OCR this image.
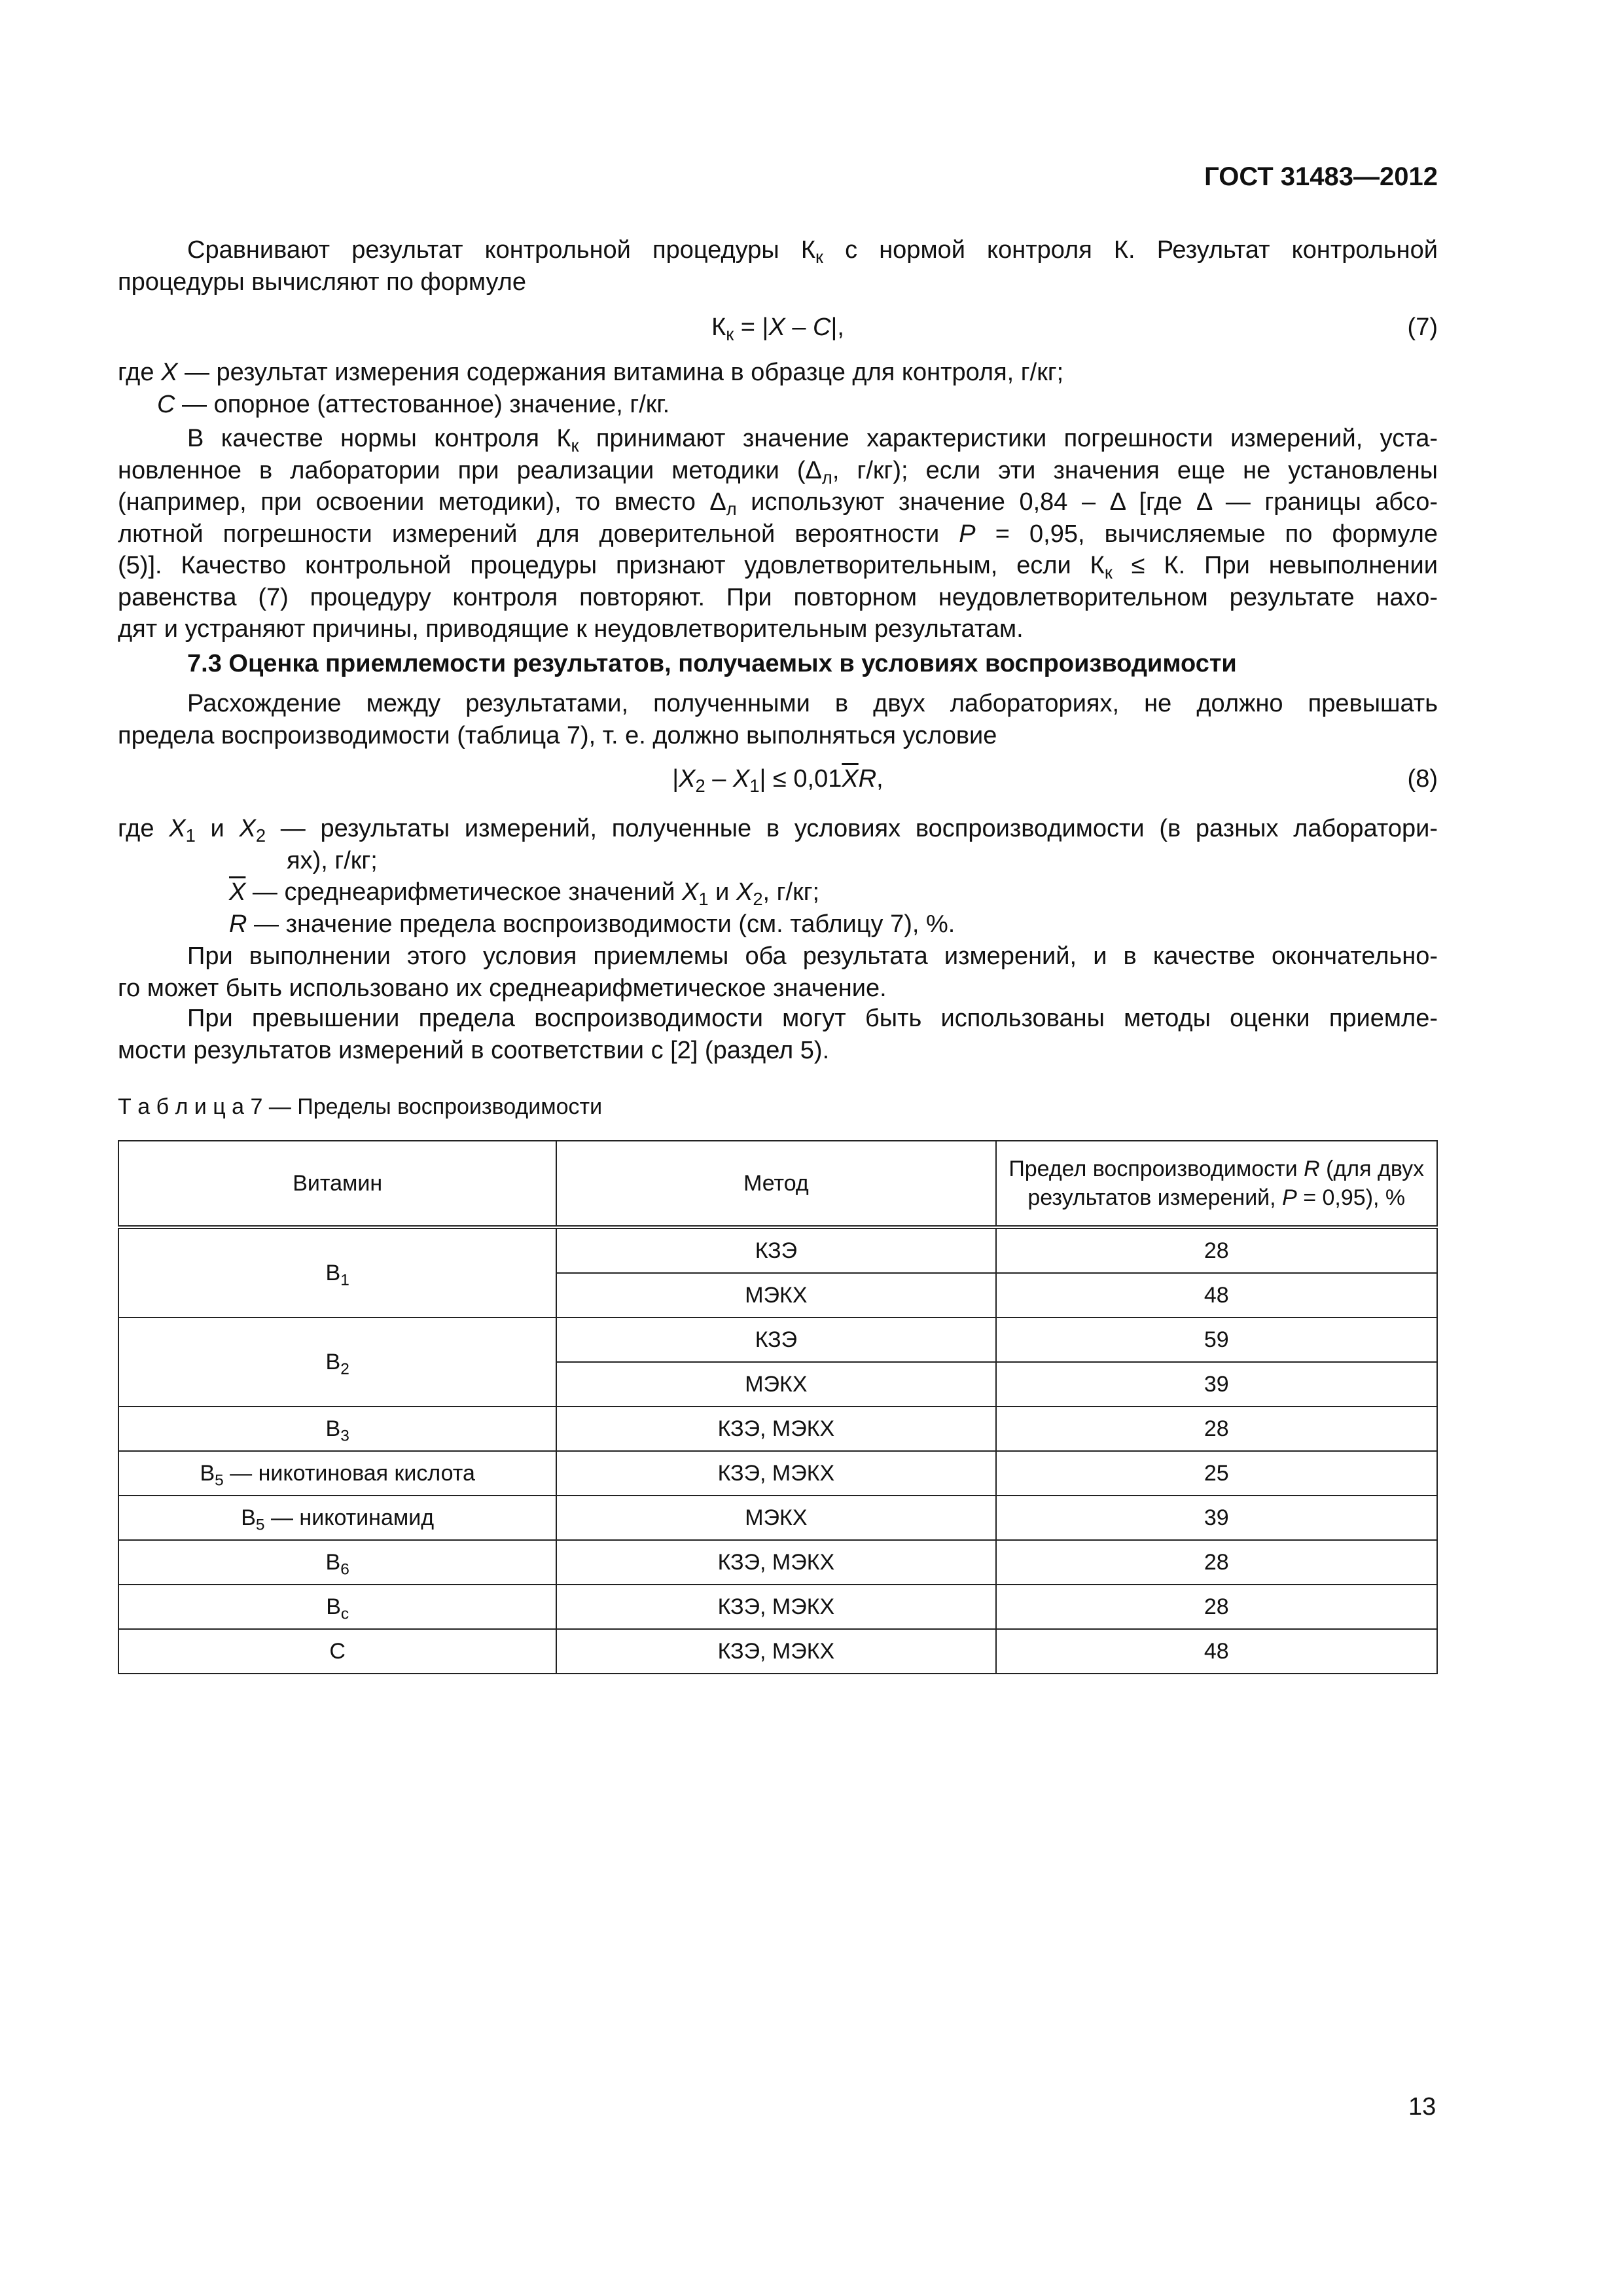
ГОСТ 31483—2012
Сравнивают результат контрольной процедуры $К_к$ с нормой контроля К. Результат контрольной
процедуры вычисляют по формуле
$К_к = |X - C|$,	(7)
где X — результат измерения содержания витамина в образце для контроля, г/кг;
C — опорное (аттестованное) значение, г/кг.
В качестве нормы контроля $К_к$ принимают значение характеристики погрешности измерений, уста-
новленное в лаборатории при реализации методики ($\Delta_л$, г/кг); если эти значения еще не установлены
(например, при освоении методики), то вместо $\Delta_л$ используют значение 0,84 – Δ [где Δ — границы абсо-
лютной погрешности измерений для доверительной вероятности P = 0,95, вычисляемые по формуле
(5)]. Качество контрольной процедуры признают удовлетворительным, если $К_к \le К$. При невыполнении
равенства (7) процедуру контроля повторяют. При повторном неудовлетворительном результате нахо-
дят и устраняют причины, приводящие к неудовлетворительным результатам.
7.3 Оценка приемлемости результатов, получаемых в условиях воспроизводимости
Расхождение между результатами, полученными в двух лабораториях, не должно превышать
предела воспроизводимости (таблица 7), т. е. должно выполняться условие
$|X_2 - X_1| \le 0,01\overline{X}R$,	(8)
где $X_1$ и $X_2$ — результаты измерений, полученные в условиях воспроизводимости (в разных лаборатори-
ях), г/кг;
$\overline{X}$ — среднеарифметическое значений $X_1$ и $X_2$, г/кг;
R — значение предела воспроизводимости (см. таблицу 7), %.
При выполнении этого условия приемлемы оба результата измерений, и в качестве окончательно-
го может быть использовано их среднеарифметическое значение.
При превышении предела воспроизводимости могут быть использованы методы оценки приемле-
мости результатов измерений в соответствии с [2] (раздел 5).
Т а б л и ц а 7 — Пределы воспроизводимости
Витамин	Метод	Предел воспроизводимости R (для двух
результатов измерений, P = 0,95), %

$B_1$	КЗЭ	28
	МЭКХ	48
$B_2$	КЗЭ	59
	МЭКХ	39
$B_3$	КЗЭ, МЭКХ	28
$B_5$ — никотиновая кислота	КЗЭ, МЭКХ	25
$B_5$ — никотинамид	МЭКХ	39
$B_6$	КЗЭ, МЭКХ	28
$B_c$	КЗЭ, МЭКХ	28
C	КЗЭ, МЭКХ	48
13
